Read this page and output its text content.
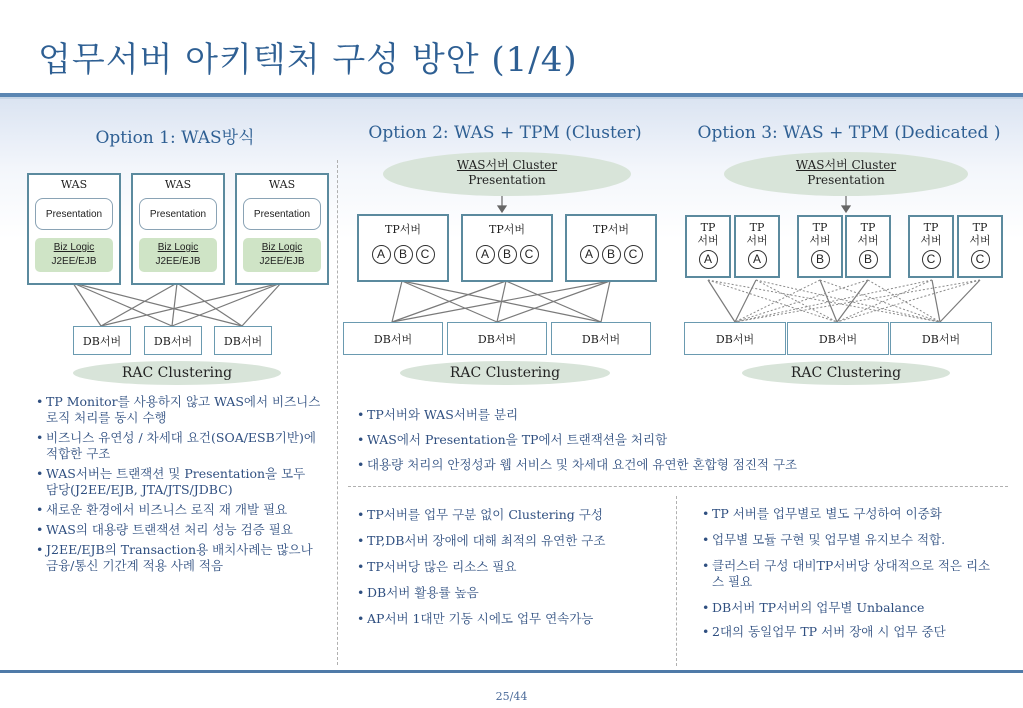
업무서버 아키텍처 구성 방안 (1/4)
Option 1: WAS방식
WAS
Presentation
Biz Logic
J2EE/EJB
WAS
Presentation
Biz Logic
J2EE/EJB
WAS
Presentation
Biz Logic
J2EE/EJB
DB서버	DB서버	DB서버
RAC Clustering
Option 2: WAS + TPM (Cluster)
WAS서버 Cluster
Presentation
TP서버
A	B	C
TP서버
A	B	C
TP서버
A	B	C
DB서버	DB서버	DB서버
RAC Clustering
Option 3: WAS + TPM (Dedicated )
WAS서버 Cluster
Presentation
TP
서버
A
TP
서버
A
TP
서버
B
TP
서버
B
TP
서버
C
TP
서버
C
DB서버	DB서버	DB서버
RAC Clustering
• TP Monitor를 사용하지 않고 WAS에서 비즈니스 로직 처리를 동시 수행
• 비즈니스 유연성 / 차세대 요건(SOA/ESB기반)에 적합한 구조
• WAS서버는 트랜잭션 및 Presentation을 모두 담당(J2EE/EJB, JTA/JTS/JDBC)
• 새로운 환경에서 비즈니스 로직 재 개발 필요
• WAS의 대용량 트랜잭션 처리 성능 검증 필요
• J2EE/EJB의 Transaction용 배치사례는 많으나 금융/통신 기간계 적용 사례 적음
• TP서버와 WAS서버를 분리
• WAS에서 Presentation을 TP에서 트랜잭션을 처리함
• 대용량 처리의 안정성과 웹 서비스 및 차세대 요건에 유연한 혼합형 점진적 구조
• TP서버를 업무 구분 없이 Clustering 구성
• TP,DB서버 장애에 대해 최적의 유연한 구조
• TP서버당 많은 리소스 필요
• DB서버 활용률 높음
• AP서버 1대만 기동 시에도 업무 연속가능
• TP 서버를 업무별로 별도 구성하여 이중화
• 업무별 모듈 구현 및 업무별 유지보수 적합.
• 클러스터 구성 대비TP서버당 상대적으로 적은 리소스 필요
• DB서버 TP서버의 업무별 Unbalance
• 2대의 동일업무 TP 서버 장애 시 업무 중단
25/44
